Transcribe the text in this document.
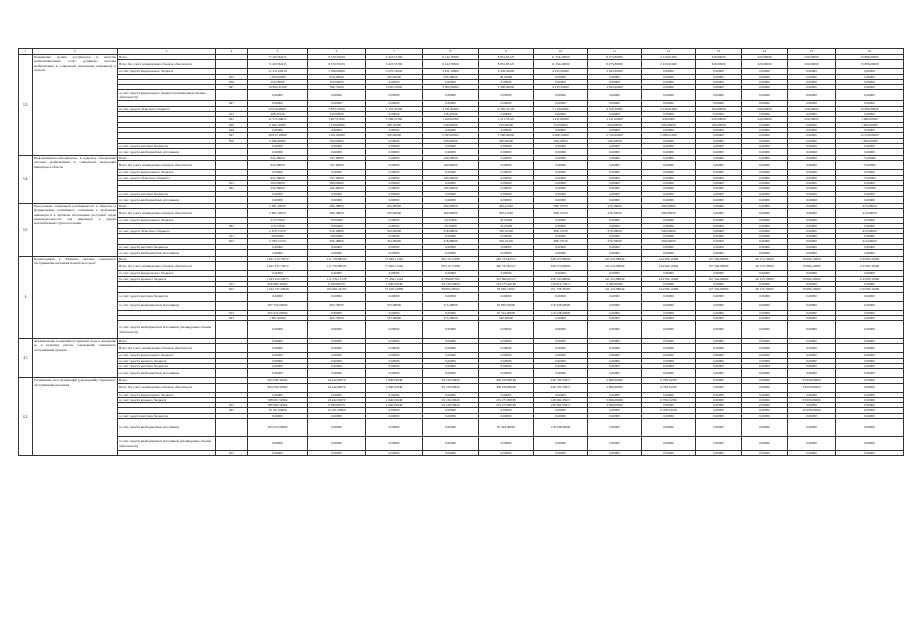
1	2	3	4	5	6	7	8	9	10	11	12	13	14	15	16
3.3.	Повышение уровня доступности и качества реабилитационных услуг (развитие системы реабилитации и социальной интеграции инвалидов) в области	Всего		71 467,82415	9 570,70109	5 423,57260	8 142,78300	8 851,65125	11 354,20000	8 275,80000	2 219,91490	320,00000	220,00000	220,00000	15 886,00000
		Всего без учета планируемых объемов обязательств		71 467,82415	9 570,70109	5 423,57260	8 142,78300	8 851,65125	11 354,20000	8 275,80000	2 219,91490	320,00000	220,00000	220,00000	15 886,00000
		за счет средств федерального бюджета		21 411,62910	1 786,90000	3 270,10000	3 811,18000	4 456,50000	4 235,20000	3 945,60000	0,00000	0,00000	0,00000	0,00000	0,00000
			815	1 509,00000	676,28000	225,00000	250,28000	46,50000	0,00000	0,00000	0,00000	0,00000	0,00000	0,00000	0,00000
			836	250,00000	250,00000	0,00000	0,00000	0,00000	0,00000	0,00000	0,00000	0,00000	0,00000	0,00000	0,00000
			847	19 892,41200	784,74200	3 045,10000	3 609,38000	4 390,00000	4 235,20000	3 945,60000	0,00000	0,00000	0,00000	0,00000	0,00000
		за счет средств федерального бюджета (планируемые объемы обязательств)		0,00000	0,00000	0,00000	0,00000	0,00000	0,00000	0,00000	0,00000	0,00000	0,00000	0,00000	0,00000
			847	0,00000	0,00000	0,00000	0,00000	0,00000	0,00000	0,00000	0,00000	0,00000	0,00000	0,00000	0,00000
		за счет средств областного бюджета		50 056,49405	7 879,79109	2 153,47260	4 331,60300	4 395,55125	7 119,00000	4 330,20000	2 219,91490	320,00000	220,00000	220,00000	15 886,00000
			815	408,47940	250,00000	0,00000	158,47940	0,00000	0,00000	0,00000	0,00000	0,00000	0,00000	0,00000	0,00000
			825	11 513,26625	1 927,31100	1 289,97260	1 429,92300	1 211,55125	1 251,80000	1 121,00000	64,00000	220,00000	220,00000	220,00000	1 980,00000
			826	6 466,16000	1 210,66000	280,50000	220,00000	165,00000	270,00000	650,00000	500,00000	100,00000	0,00000	0,00000	1 400,00000
			829	0,00000	0,00000	0,00000	0,00000	0,00000	0,00000	0,00000	0,00000	0,00000	0,00000	0,00000	0,00000
			847	28 817,16699	1 951,89000	350,00000	2 095,00000	2 500,00000	4 268,10000	2 310,00000	2 098,91490	0,00000	0,00000	0,00000	12 256,00000
			850	2 948,48000	500,00000	0,00000	350,00000	500,00000	349,20000	249,20000	0,00000	0,00000	0,00000	0,00000	1 000,00000
		за счет средств местных бюджетов		0,00000	0,00000	0,00000	0,00000	0,00000	0,00000	0,00000	0,00000	0,00000	0,00000	0,00000	0,00000
		за счет средств внебюджетных источников		0,00000	0,00000	0,00000	0,00000	0,00000	0,00000	0,00000	0,00000	0,00000	0,00000	0,00000	0,00000
3.4.	Информационно-методическое и кадровое обеспечение системы реабилитации и социальной интеграции инвалидов в области	Всего		922,36000	747,36000	0,00000	100,00000	0,00000	0,00000	0,00000	0,00000	0,00000	0,00000	0,00000	75,00000
		Всего без учета планируемых объемов обязательств		922,36000	747,36000	0,00000	100,00000	0,00000	0,00000	0,00000	0,00000	0,00000	0,00000	0,00000	75,00000
		за счет средств федерального бюджета		0,00000	0,00000	0,00000	0,00000	0,00000	0,00000	0,00000	0,00000	0,00000	0,00000	0,00000	0,00000
		за счет средств областного бюджета		922,36000	747,36000	0,00000	100,00000	0,00000	0,00000	0,00000	0,00000	0,00000	0,00000	0,00000	75,00000
			815	583,00000	583,00000	0,00000	0,00000	0,00000	0,00000	0,00000	0,00000	0,00000	0,00000	0,00000	0,00000
			825	339,36000	164,36000	0,00000	100,00000	0,00000	0,00000	0,00000	0,00000	0,00000	0,00000	0,00000	75,00000
		за счет средств местных бюджетов		0,00000	0,00000	0,00000	0,00000	0,00000	0,00000	0,00000	0,00000	0,00000	0,00000	0,00000	0,00000
		за счет средств внебюджетных источников		0,00000	0,00000	0,00000	0,00000	0,00000	0,00000	0,00000	0,00000	0,00000	0,00000	0,00000	0,00000
3.5.	Преодоление социальной разобщенности в обществе и формирование позитивного отношения к проблемам инвалидов и к проблеме обеспечения доступной среды жизнедеятельности для инвалидов и других маломобильных групп населения	Всего		2 981,28070	586,18800	352,00000	369,00000	363,41320	388,17050	276,30000	290,00000	0,00000	0,00000	0,00000	415,00000
		Всего без учета планируемых объемов обязательств		2 981,28070	586,18800	352,00000	369,00000	363,41320	388,17050	276,30000	290,00000	0,00000	0,00000	0,00000	415,00000
		за счет средств федерального бюджета		313,57000	70,00000	0,00000	50,32000	33,25000	0,00000	0,00000	0,00000	0,00000	0,00000	0,00000	0,00000
			825	173,57000	70,00000	0,00000	50,32000	33,25000	0,00000	0,00000	0,00000	0,00000	0,00000	0,00000	0,00000
		за счет средств областного бюджета		2 679,71070	516,18800	352,00000	318,68000	330,16320	388,17050	276,30000	290,00000	0,00000	0,00000	0,00000	415,00000
			815	20,00000	20,00000	0,00000	0,00000	0,00000	0,00000	0,00000	0,00000	0,00000	0,00000	0,00000	0,00000
			825	2 799,71070	596,18800	352,00000	318,68000	320,16320	388,17050	276,30000	290,00000	0,00000	0,00000	0,00000	415,00000
		за счет средств местных бюджетов		0,00000	0,00000	0,00000	0,00000	0,00000	0,00000	0,00000	0,00000	0,00000	0,00000	0,00000	0,00000
		за счет средств внебюджетных источников		0,00000	0,00000	0,00000	0,00000	0,00000	0,00000	0,00000	0,00000	0,00000	0,00000	0,00000	0,00000
4	Подпрограмма 4 "Развитие системы социального обслуживания населения Камчатского края"	Всего		1 641 312,73072	111 759,88279	77 995,11244	68 513,17288	403 723,62517	348 475,86094	145 210,88640	144 582,11984	107 564,90000	46 155,70000	79 684,10000	110 093,31060
		Всего без учета планируемых объемов обязательств		1 641 437,73072	111 759,88279	77 995,11244	68 513,17288	400 723,62517	348 475,86094	145 210,88640	144 582,11984	107 564,90000	46 155,70000	79 684,10000	110 093,31060
		за счет средств федерального бюджета		0,00000	0,00000	0,00000	0,00000	0,00000	0,00000	0,00000	0,00000	0,00000	0,00000	0,00000	0,00000
		за счет средств краевого бюджета		1 433 452,43675	111 276,13178	77 459,11244	67 899,87784	312 896,62517	230 545,86094	141 210,88640	144 582,11984	107 564,90000	46 155,70000	79 684,10000	110 093,31060
			812	858 806,32664	6 280,86079	1 840,91848	29 136,59620	219 275,46189	128 912,55617	3 996,00000	0,00000	0,00000	0,00000	0,00000	0,00000
			825	1 104 797,56048	104 995,26100	75 618,31899	38 863,28164	93 995,12697	101 758,30285	141 210,88640	144 582,11984	107 564,90000	46 155,70000	79 684,10000	110 093,31060
		за счет средств местных бюджетов		0,00000	0,00000	0,00000	0,00000	0,00000	0,00000	0,00000	0,00000	0,00000	0,00000	0,00000	0,00000
		за счет средств внебюджетных источников		207 533,90000	465,70000	535,98000	313,30000	87 893,59000	118 328,00000	0,00000	0,00000	0,00000	0,00000	0,00000	0,00000
			812	205 672,00000	0,00000	0,00000	0,00000	87 344,00000	118 328,00000	0,00000	0,00000	0,00000	0,00000	0,00000	0,00000
			825	1 861,90000	465,70000	535,98000	313,30000	546,90000	0,00000	0,00000	0,00000	0,00000	0,00000	0,00000	0,00000
		за счет средств внебюджетных источников (планируемые объемы обязательств)		0,00000	0,00000	0,00000	0,00000	0,00000	0,00000	0,00000	0,00000	0,00000	0,00000	0,00000	0,00000
4.1	Формирование нормативной правовой базы и внедрение ее в практику работы учреждений социального обслуживания граждан	Всего		0,00000	0,00000	0,00000	0,00000	0,00000	0,00000	0,00000	0,00000	0,00000	0,00000	0,00000	0,00000
		Всего без учета планируемых объемов обязательств		0,00000	0,00000	0,00000	0,00000	0,00000	0,00000	0,00000	0,00000	0,00000	0,00000	0,00000	0,00000
		за счет средств федерального бюджета		0,00000	0,00000	0,00000	0,00000	0,00000	0,00000	0,00000	0,00000	0,00000	0,00000	0,00000	0,00000
		за счет средств краевого бюджета		0,00000	0,00000	0,00000	0,00000	0,00000	0,00000	0,00000	0,00000	0,00000	0,00000	0,00000	0,00000
		за счет средств местных бюджетов		0,00000	0,00000	0,00000	0,00000	0,00000	0,00000	0,00000	0,00000	0,00000	0,00000	0,00000	0,00000
		за счет средств внебюджетных источников		0,00000	0,00000	0,00000	0,00000	0,00000	0,00000	0,00000	0,00000	0,00000	0,00000	0,00000	0,00000
4.2.	Расширение сети организаций (учреждений) социального обслуживания населения	Всего		604 630,32664	16 442,06079	1 840,91848	29 136,59620	306 619,88189	246 720,35617	3 996,00000	6 798,34700	0,00000	0,00000	33 000,00000	0,00000
		Всего без учета планируемых объемов обязательств		604 630,32664	16 442,06079	1 840,91848	29 136,59620	306 619,88189	246 720,35617	3 996,00000	6 798,34700	0,00000	0,00000	33 000,00000	0,00000
		за счет средств федерального бюджета		0,00000	0,00000	0,00000	0,00000	0,00000	0,00000	0,00000	0,00000	0,00000	0,00000	0,00000	0,00000
		за счет средств краевого бюджета		398 967,32664	16 442,06079	1 840,91848	29 136,59620	219 275,88189	128 392,35617	3 996,00000	6 798,34700	0,00000	0,00000	33 000,00000	0,00000
			812	388 806,32664	6 280,86079	1 840,91848	29 136,59620	219 275,88189	128 392,35617	3 996,00000	0,00000	0,00000	0,00000	0,00000	0,00000
			825	10 161,00000	10 161,00000	0,00000	0,00000	0,00000	0,00000	0,00000	6 798,34700	0,00000	0,00000	33 000,00000	0,00000
		за счет средств местных бюджетов		0,00000	0,00000	0,00000	0,00000	0,00000	0,00000	0,00000	0,00000	0,00000	0,00000	0,00000	0,00000
		за счет средств внебюджетных источников		205 672,00000	0,00000	0,00000	0,00000	87 344,00000	118 328,00000	0,00000	0,00000	0,00000	0,00000	0,00000	0,00000
		за счет средств внебюджетных источников (планируемые объемы обязательств)		0,00000	0,00000	0,00000	0,00000	0,00000	0,00000	0,00000	0,00000	0,00000	0,00000	0,00000	0,00000
			812	0,00000	0,00000	0,00000	0,00000	0,00000	0,00000	0,00000	0,00000	0,00000	0,00000	0,00000	0,00000
